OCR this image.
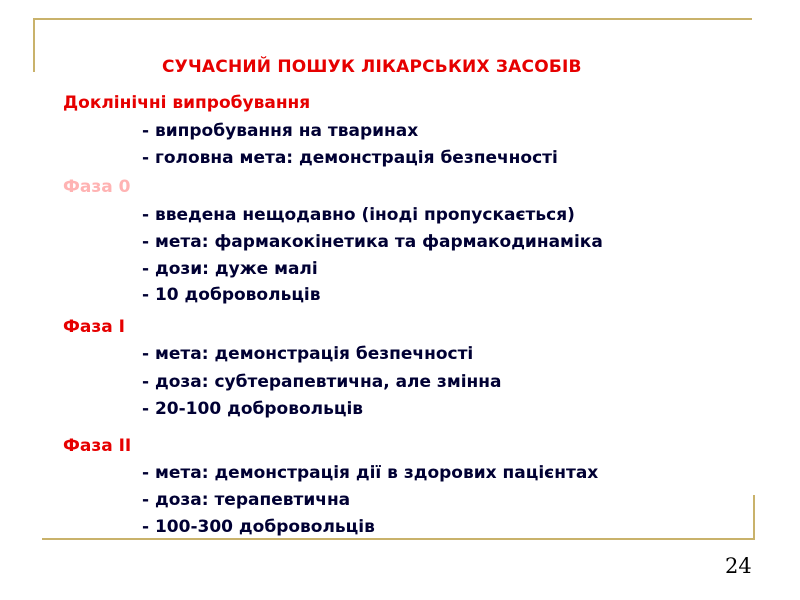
СУЧАСНИЙ ПОШУК ЛІКАРСЬКИХ ЗАСОБІВ
Доклінічні випробування
- випробування на тваринах
- головна мета: демонстрація безпечності
Фаза 0
- введена нещодавно (іноді пропускається)
- мета: фармакокінетика та фармакодинаміка
- дози: дуже малі
- 10 добровольців
Фаза I
- мета: демонстрація безпечності
- доза: субтерапевтична, але змінна
- 20-100 добровольців
Фаза II
- мета: демонстрація дії в здорових пацієнтах
- доза: терапевтична
- 100-300 добровольців
24
